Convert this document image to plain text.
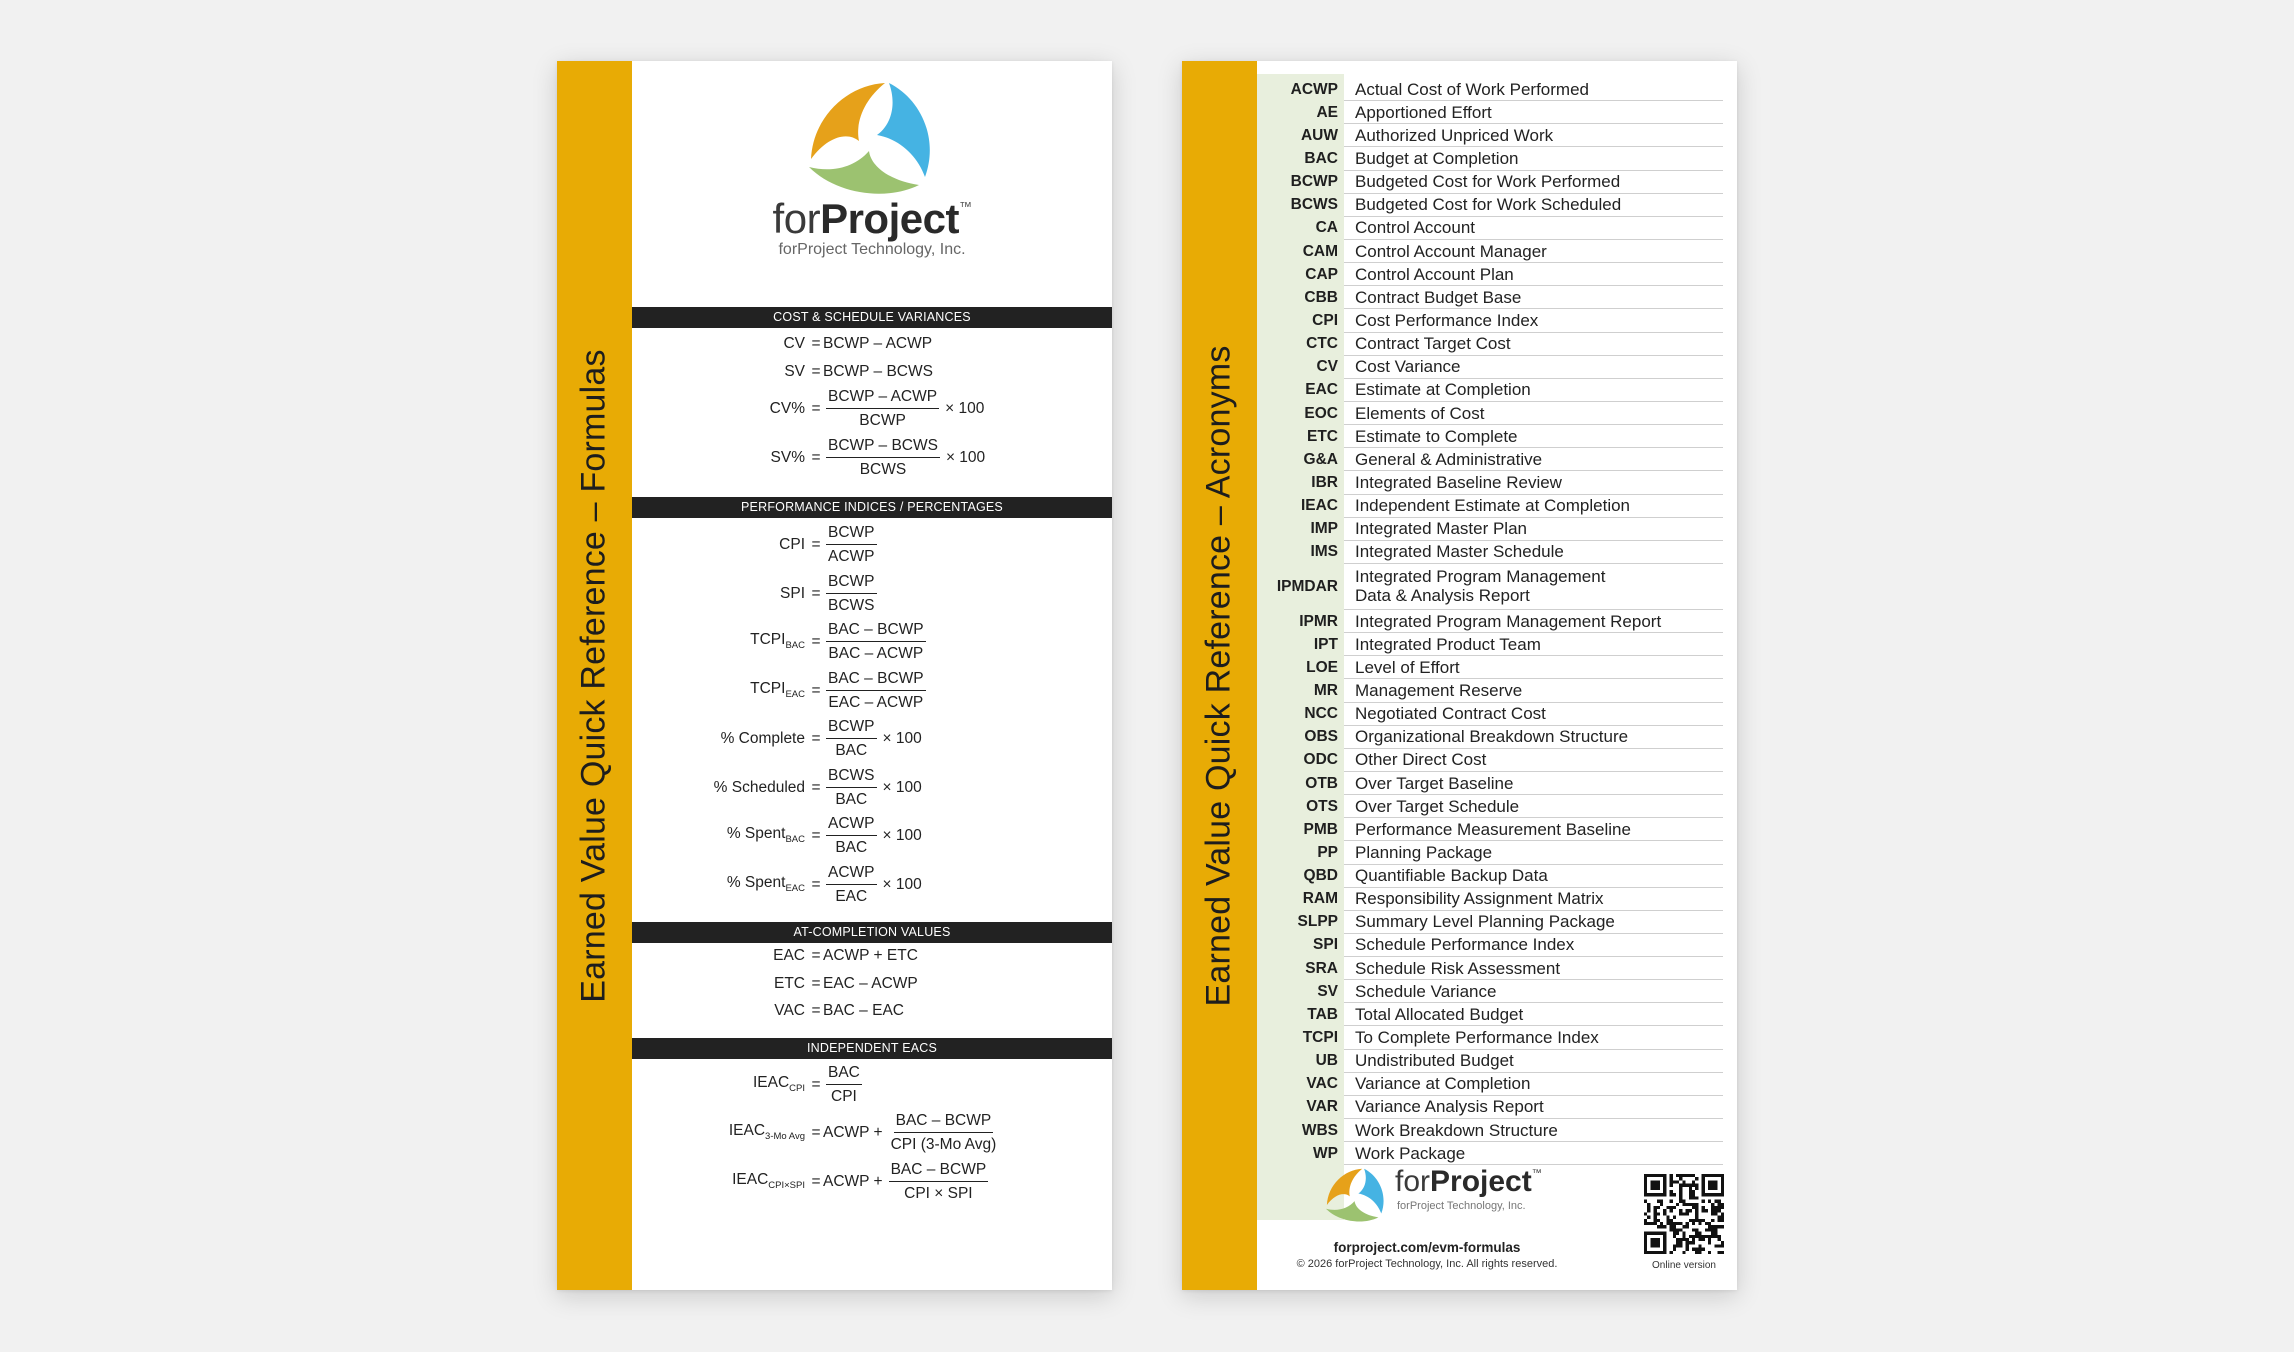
Earned Value Quick Reference – Formulas
forProject™
forProject Technology, Inc.
COST & SCHEDULE VARIANCES
CV = BCWP – ACWP
SV = BCWP – BCWS
$CV\% = \frac{\text{BCWP – ACWP}}{\text{BCWP}} \times 100$
$SV\% = \frac{\text{BCWP – BCWS}}{\text{BCWS}} \times 100$
PERFORMANCE INDICES / PERCENTAGES
CPI = $\frac{\text{BCWP}}{\text{ACWP}}$
SPI = $\frac{\text{BCWP}}{\text{BCWS}}$
$TCPI_{BAC} = \frac{\text{BAC – BCWP}}{\text{BAC – ACWP}}$
$TCPI_{EAC} = \frac{\text{BAC – BCWP}}{\text{EAC – ACWP}}$
% Complete = $\frac{\text{BCWP}}{\text{BAC}} \times 100$
% Scheduled = $\frac{\text{BCWS}}{\text{BAC}} \times 100$
% Spent$_{BAC}$ = $\frac{\text{ACWP}}{\text{BAC}} \times 100$
% Spent$_{EAC}$ = $\frac{\text{ACWP}}{\text{EAC}} \times 100$
AT-COMPLETION VALUES
EAC = ACWP + ETC
ETC = EAC – ACWP
VAC = BAC – EAC
INDEPENDENT EACS
$IEAC_{CPI} = \frac{\text{BAC}}{\text{CPI}}$
$IEAC_{3-Mo Avg}$ = ACWP + $\frac{\text{BAC – BCWP}}{\text{CPI (3-Mo Avg)}}$
$IEAC_{CPI\times SPI}$ = ACWP + $\frac{\text{BAC – BCWP}}{\text{CPI × SPI}}$
Earned Value Quick Reference – Acronyms
ACWP	Actual Cost of Work Performed
AE	Apportioned Effort
AUW	Authorized Unpriced Work
BAC	Budget at Completion
BCWP	Budgeted Cost for Work Performed
BCWS	Budgeted Cost for Work Scheduled
CA	Control Account
CAM	Control Account Manager
CAP	Control Account Plan
CBB	Contract Budget Base
CPI	Cost Performance Index
CTC	Contract Target Cost
CV	Cost Variance
EAC	Estimate at Completion
EOC	Elements of Cost
ETC	Estimate to Complete
G&A	General & Administrative
IBR	Integrated Baseline Review
IEAC	Independent Estimate at Completion
IMP	Integrated Master Plan
IMS	Integrated Master Schedule
IPMDAR	Integrated Program Management
Data & Analysis Report
IPMR	Integrated Program Management Report
IPT	Integrated Product Team
LOE	Level of Effort
MR	Management Reserve
NCC	Negotiated Contract Cost
OBS	Organizational Breakdown Structure
ODC	Other Direct Cost
OTB	Over Target Baseline
OTS	Over Target Schedule
PMB	Performance Measurement Baseline
PP	Planning Package
QBD	Quantifiable Backup Data
RAM	Responsibility Assignment Matrix
SLPP	Summary Level Planning Package
SPI	Schedule Performance Index
SRA	Schedule Risk Assessment
SV	Schedule Variance
TAB	Total Allocated Budget
TCPI	To Complete Performance Index
UB	Undistributed Budget
VAC	Variance at Completion
VAR	Variance Analysis Report
WBS	Work Breakdown Structure
WP	Work Package
forProject™
forProject Technology, Inc.
forproject.com/evm-formulas
© 2026 forProject Technology, Inc. All rights reserved.	Online version
